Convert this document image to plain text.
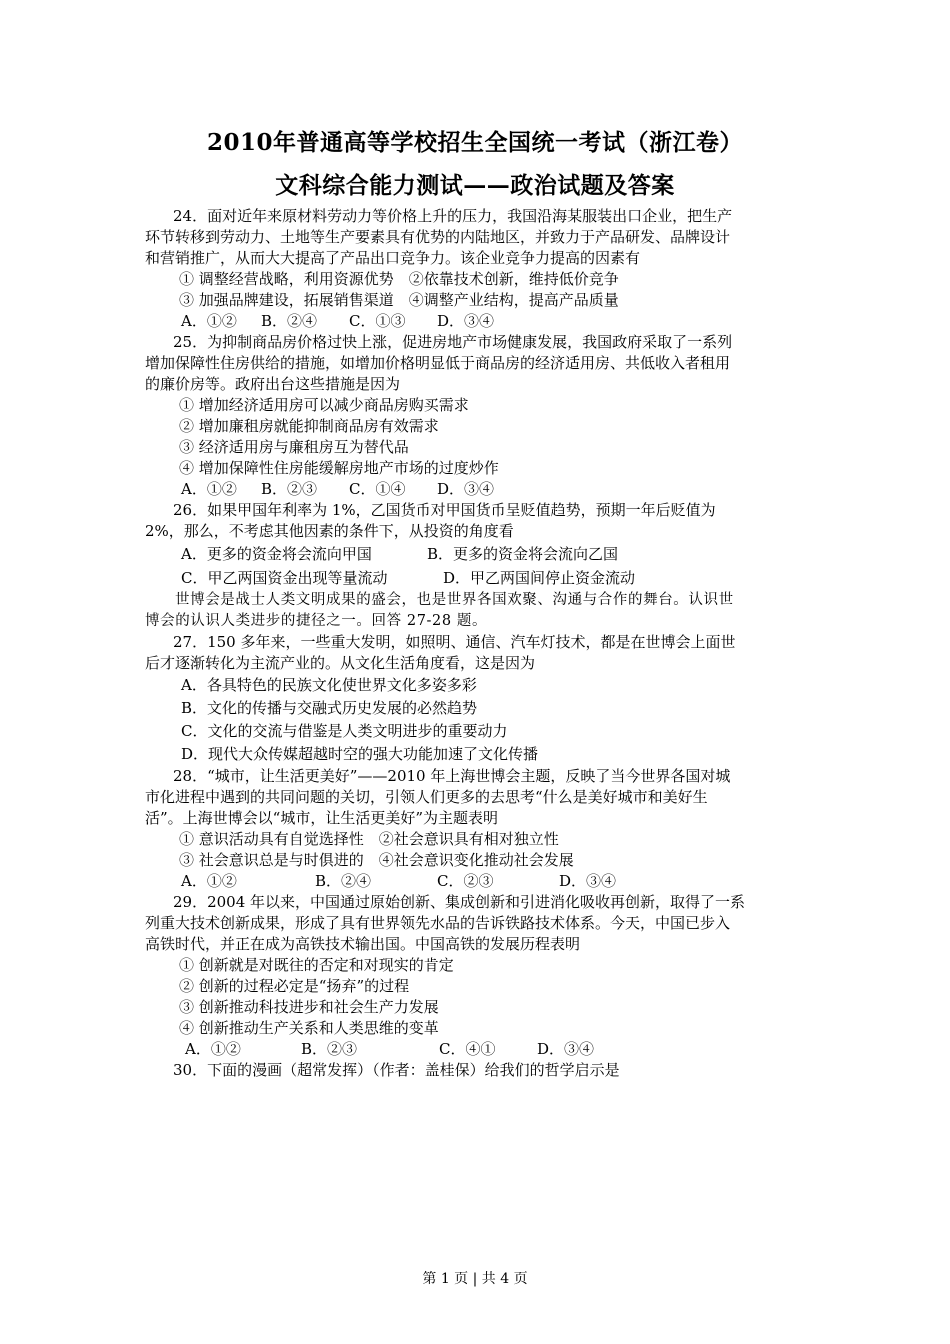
2010年普通高等学校招生全国统一考试（浙江卷）
文科综合能力测试——政治试题及答案
24．面对近年来原材料劳动力等价格上升的压力，我国沿海某服装出口企业，把生产
环节转移到劳动力、土地等生产要素具有优势的内陆地区，并致力于产品研发、品牌设计
和营销推广，从而大大提高了产品出口竞争力。该企业竞争力提高的因素有
① 调整经营战略，利用资源优势　②依靠技术创新，维持低价竞争
③ 加强品牌建设，拓展销售渠道　④调整产业结构，提高产品质量
A．①② B．②④ C．①③ D．③④
25．为抑制商品房价格过快上涨，促进房地产市场健康发展，我国政府采取了一系列
增加保障性住房供给的措施，如增加价格明显低于商品房的经济适用房、共低收入者租用
的廉价房等。政府出台这些措施是因为
① 增加经济适用房可以减少商品房购买需求
② 增加廉租房就能抑制商品房有效需求
③ 经济适用房与廉租房互为替代品
④ 增加保障性住房能缓解房地产市场的过度炒作
A．①② B．②③ C．①④ D．③④
26．如果甲国年利率为 1%，乙国货币对甲国货币呈贬值趋势，预期一年后贬值为
2%，那么，不考虑其他因素的条件下，从投资的角度看
A．更多的资金将会流向甲国	B．更多的资金将会流向乙国
C．甲乙两国资金出现等量流动	D．甲乙两国间停止资金流动
世博会是战士人类文明成果的盛会，也是世界各国欢聚、沟通与合作的舞台。认识世
博会的认识人类进步的捷径之一。回答 27-28 题。
27．150 多年来，一些重大发明，如照明、通信、汽车灯技术，都是在世博会上面世
后才逐渐转化为主流产业的。从文化生活角度看，这是因为
A．各具特色的民族文化使世界文化多姿多彩
B．文化的传播与交融式历史发展的必然趋势
C．文化的交流与借鉴是人类文明进步的重要动力
D．现代大众传媒超越时空的强大功能加速了文化传播
28．“城市，让生活更美好”——2010 年上海世博会主题，反映了当今世界各国对城
市化进程中遇到的共同问题的关切，引领人们更多的去思考“什么是美好城市和美好生
活”。上海世博会以“城市，让生活更美好”为主题表明
① 意识活动具有自觉选择性　②社会意识具有相对独立性
③ 社会意识总是与时俱进的　④社会意识变化推动社会发展
A．①②	B．②④	C．②③	D．③④
29．2004 年以来，中国通过原始创新、集成创新和引进消化吸收再创新，取得了一系
列重大技术创新成果，形成了具有世界领先水品的告诉铁路技术体系。今天，中国已步入
高铁时代，并正在成为高铁技术输出国。中国高铁的发展历程表明
① 创新就是对既往的否定和对现实的肯定
② 创新的过程必定是“扬弃”的过程
③ 创新推动科技进步和社会生产力发展
④ 创新推动生产关系和人类思维的变革
A．①②	B．②③	C．④①	D．③④
30．下面的漫画（超常发挥）（作者：盖桂保）给我们的哲学启示是
第 1 页 | 共 4 页
